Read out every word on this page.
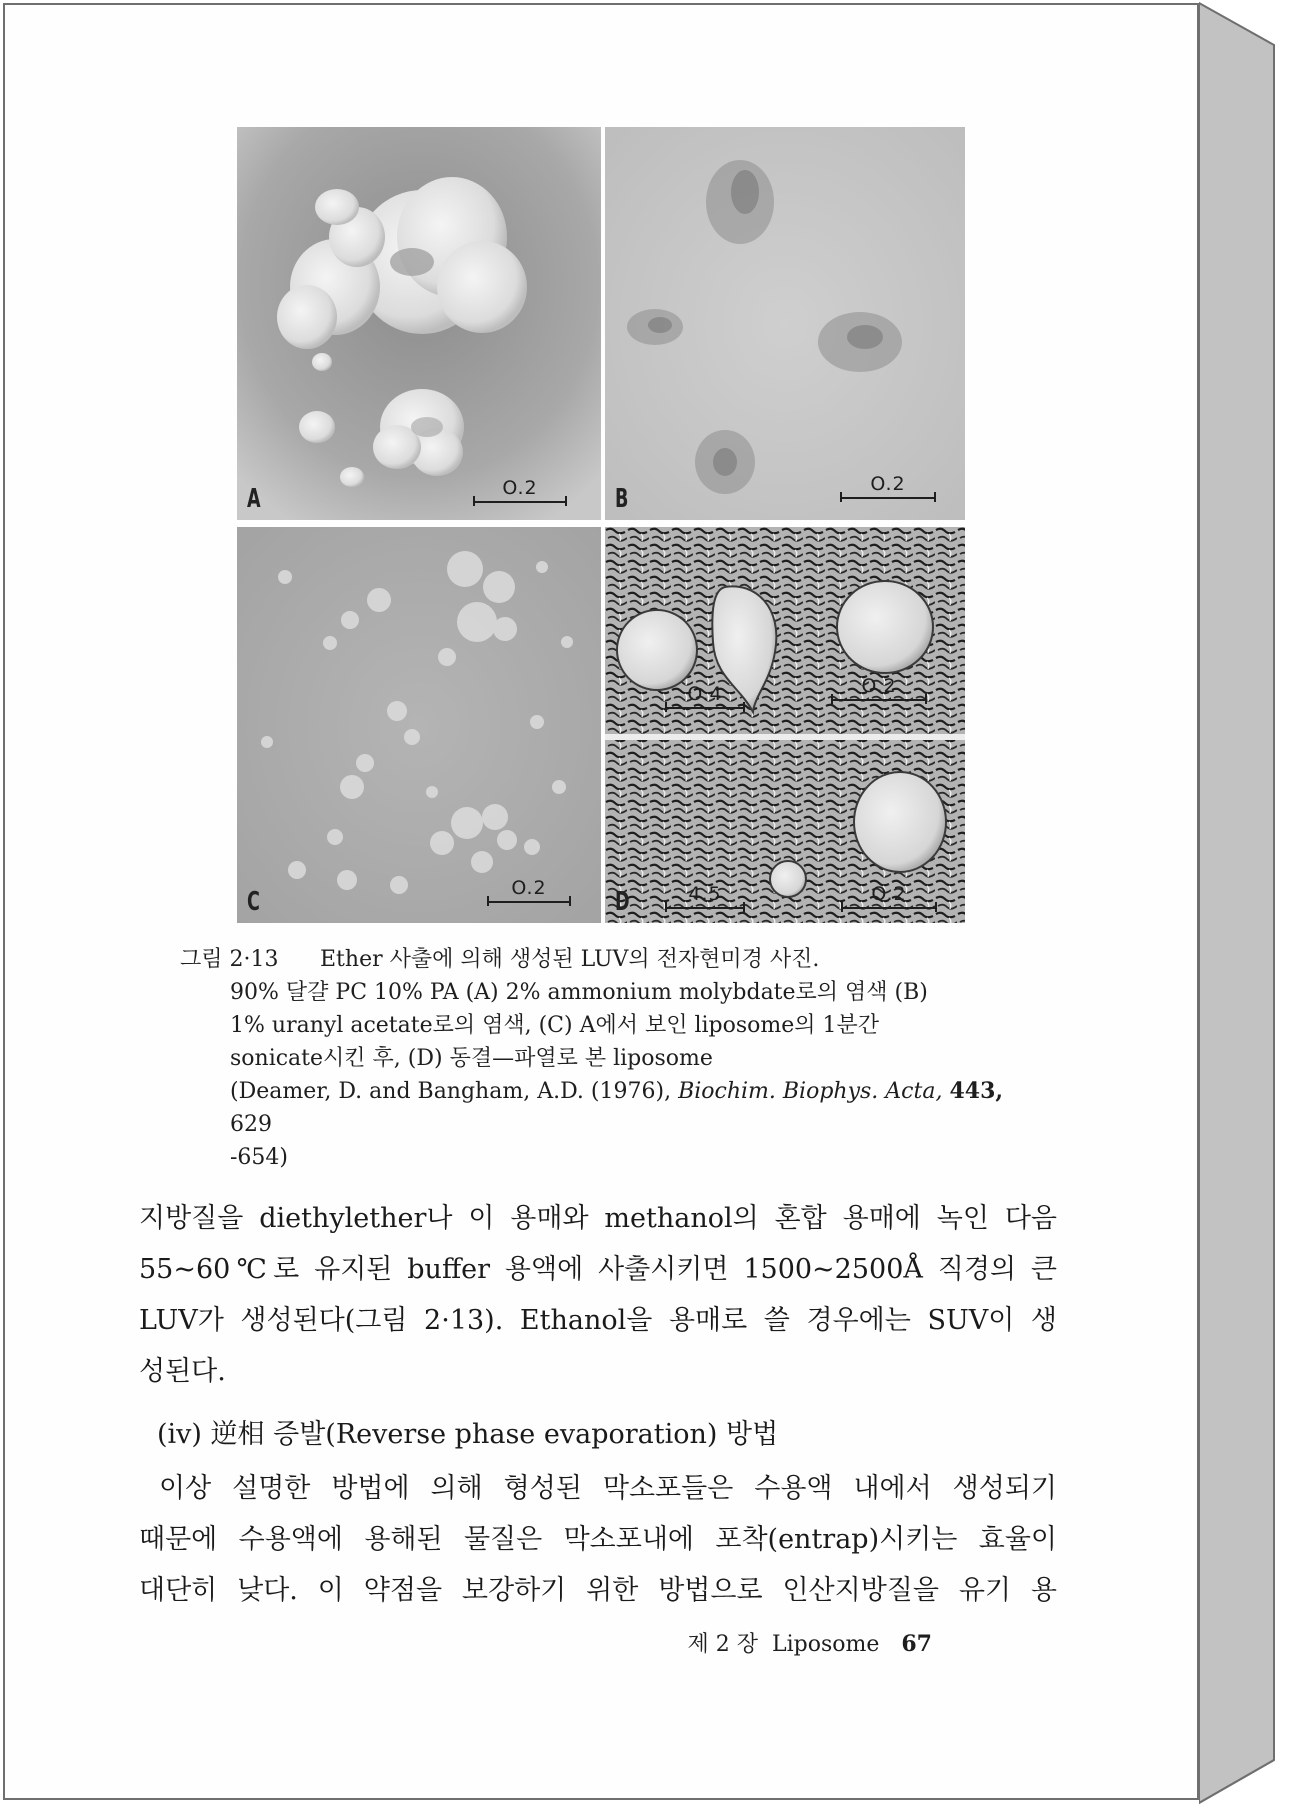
A	O.2	B	O.2
C	O.2
O.4	O.2
4.5	O.2
D
그림 2·13 Ether 사출에 의해 생성된 LUV의 전자현미경 사진.
90% 달걀 PC 10% PA (A) 2% ammonium molybdate로의 염색 (B)
1% uranyl acetate로의 염색, (C) A에서 보인 liposome의 1분간
sonicate시킨 후, (D) 동결—파열로 본 liposome
(Deamer, D. and Bangham, A.D. (1976), Biochim. Biophys. Acta, 443, 629
-654)
지방질을 diethylether나 이 용매와 methanol의 혼합 용매에 녹인 다음
55~60℃로 유지된 buffer 용액에 사출시키면 1500~2500Å 직경의 큰
LUV가 생성된다(그림 2·13). Ethanol을 용매로 쓸 경우에는 SUV이 생
성된다.
(iv) 逆相 증발(Reverse phase evaporation) 방법
이상 설명한 방법에 의해 형성된 막소포들은 수용액 내에서 생성되기
때문에 수용액에 용해된 물질은 막소포내에 포착(entrap)시키는 효율이
대단히 낮다. 이 약점을 보강하기 위한 방법으로 인산지방질을 유기 용
제 2 장 Liposome 67
